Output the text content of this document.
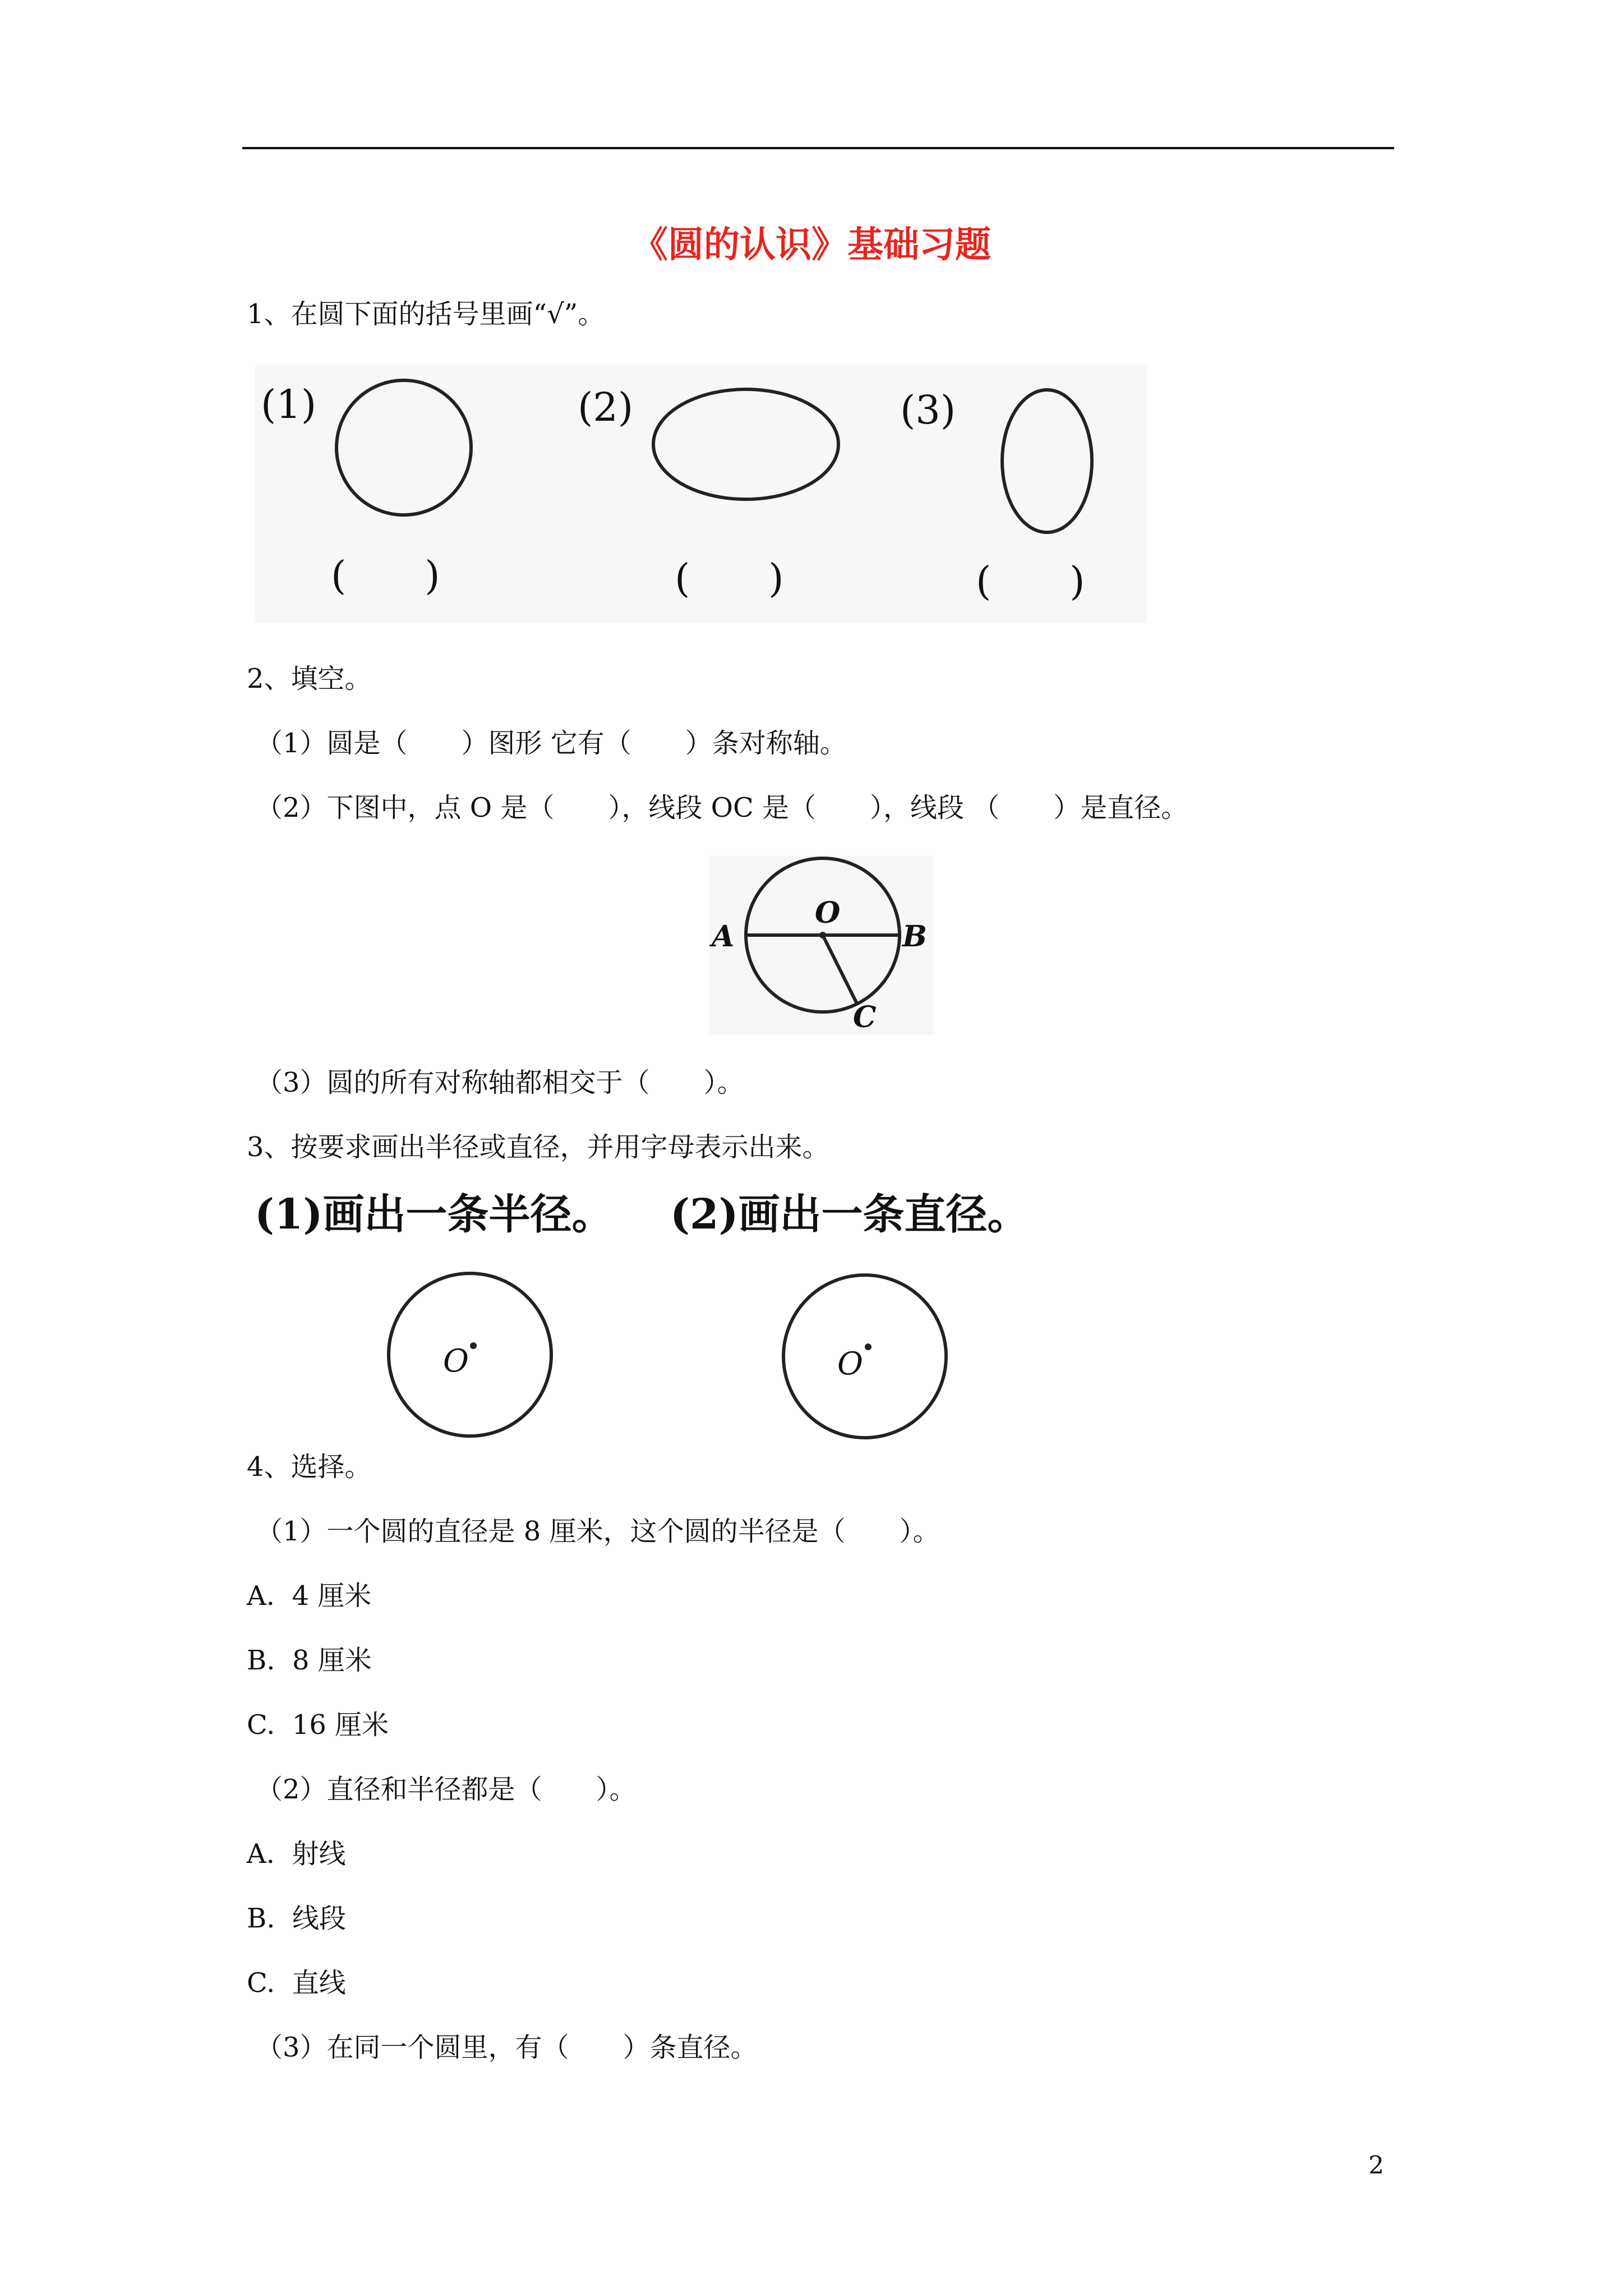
《圆的认识》基础习题
1、在圆下面的括号里画“√”。
(1)	(2)	(3)
(　　)	(　　)	(　　)
2、填空。
（1）圆是（　　）图形 它有（　　）条对称轴。
（2）下图中，点 O 是（　　），线段 OC 是（　　），线段 （　　）是直径。
O
A	B
C
（3）圆的所有对称轴都相交于（　　）。
3、按要求画出半径或直径，并用字母表示出来。
(1)画出一条半径。 (2)画出一条直径。
O	O
4、选择。
（1）一个圆的直径是 8 厘米，这个圆的半径是（　　）。
A.  4 厘米
B.  8 厘米
C.  16 厘米
（2）直径和半径都是（　　）。
A.  射线
B.  线段
C.  直线
（3）在同一个圆里，有（　　）条直径。
2
